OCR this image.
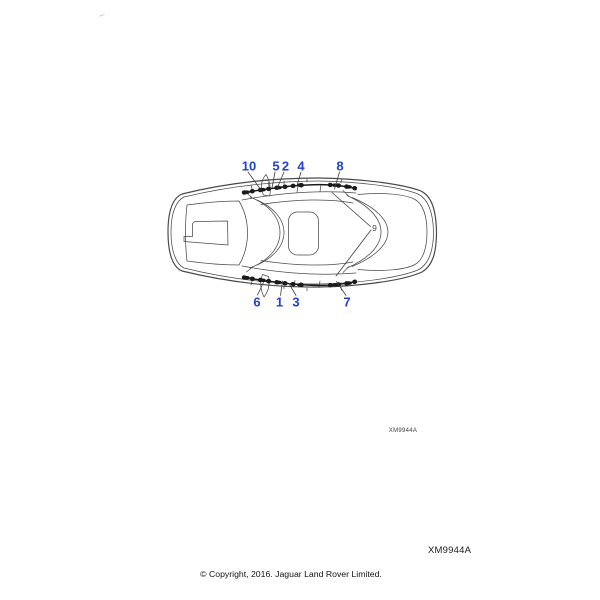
10 5 2 4 8
9
6 1 3	7
XM9944A
XM9944A
© Copyright, 2016. Jaguar Land Rover Limited.
